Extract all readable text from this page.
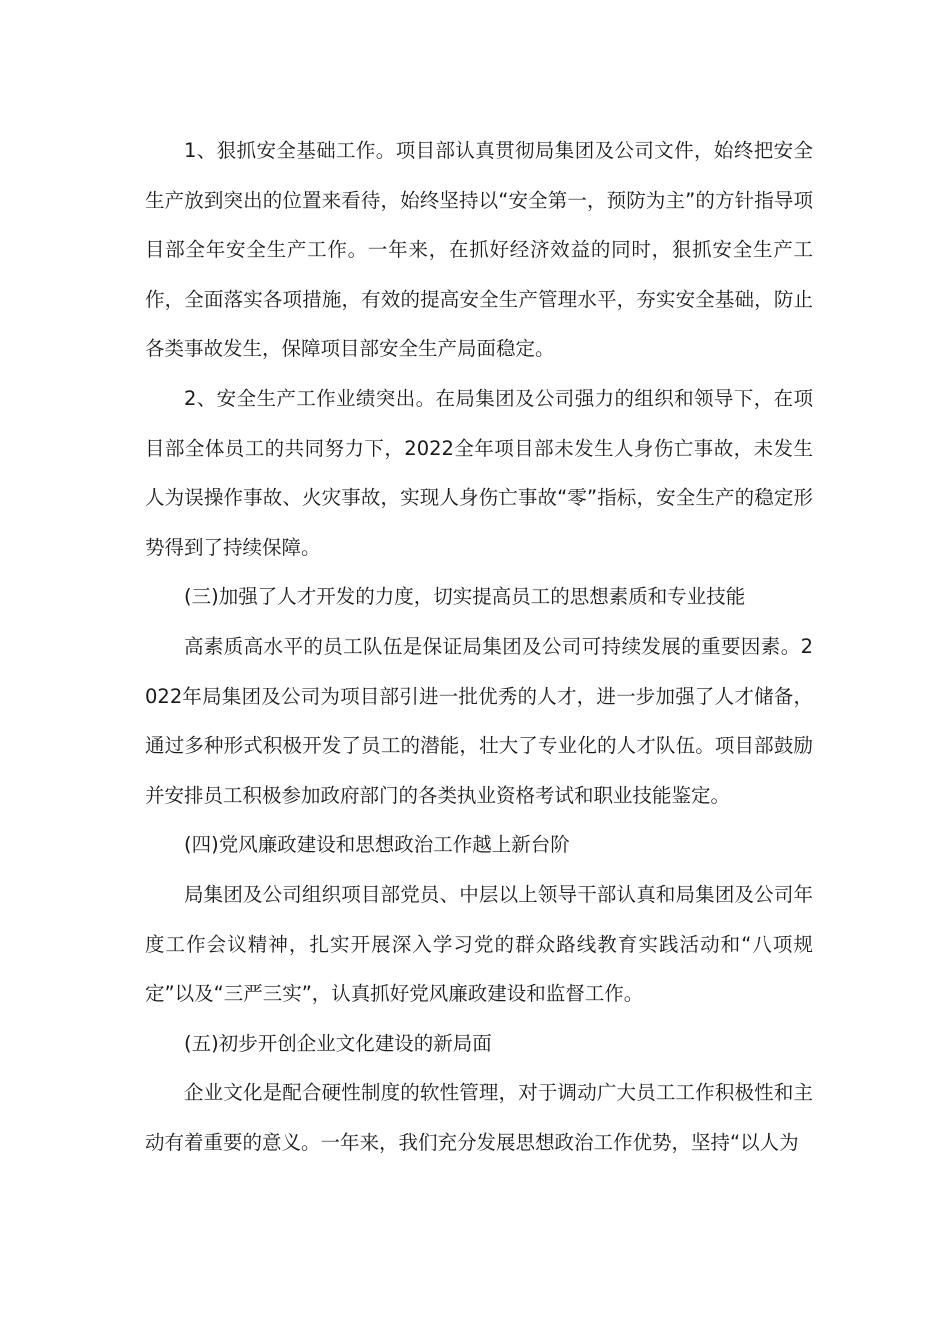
1、狠抓安全基础工作。项目部认真贯彻局集团及公司文件，始终把安全生产放到突出的位置来看待，始终坚持以“安全第一，预防为主”的方针指导项目部全年安全生产工作。一年来，在抓好经济效益的同时，狠抓安全生产工作，全面落实各项措施，有效的提高安全生产管理水平，夯实安全基础，防止各类事故发生，保障项目部安全生产局面稳定。

2、安全生产工作业绩突出。在局集团及公司强力的组织和领导下，在项目部全体员工的共同努力下，2022全年项目部未发生人身伤亡事故，未发生人为误操作事故、火灾事故，实现人身伤亡事故“零”指标，安全生产的稳定形势得到了持续保障。

(三)加强了人才开发的力度，切实提高员工的思想素质和专业技能

高素质高水平的员工队伍是保证局集团及公司可持续发展的重要因素。2022年局集团及公司为项目部引进一批优秀的人才，进一步加强了人才储备，通过多种形式积极开发了员工的潜能，壮大了专业化的人才队伍。项目部鼓励并安排员工积极参加政府部门的各类执业资格考试和职业技能鉴定。

(四)党风廉政建设和思想政治工作越上新台阶

局集团及公司组织项目部党员、中层以上领导干部认真和局集团及公司年度工作会议精神，扎实开展深入学习党的群众路线教育实践活动和“八项规定”以及“三严三实”，认真抓好党风廉政建设和监督工作。

(五)初步开创企业文化建设的新局面

企业文化是配合硬性制度的软性管理，对于调动广大员工工作积极性和主动有着重要的意义。一年来，我们充分发展思想政治工作优势，坚持“以人为
